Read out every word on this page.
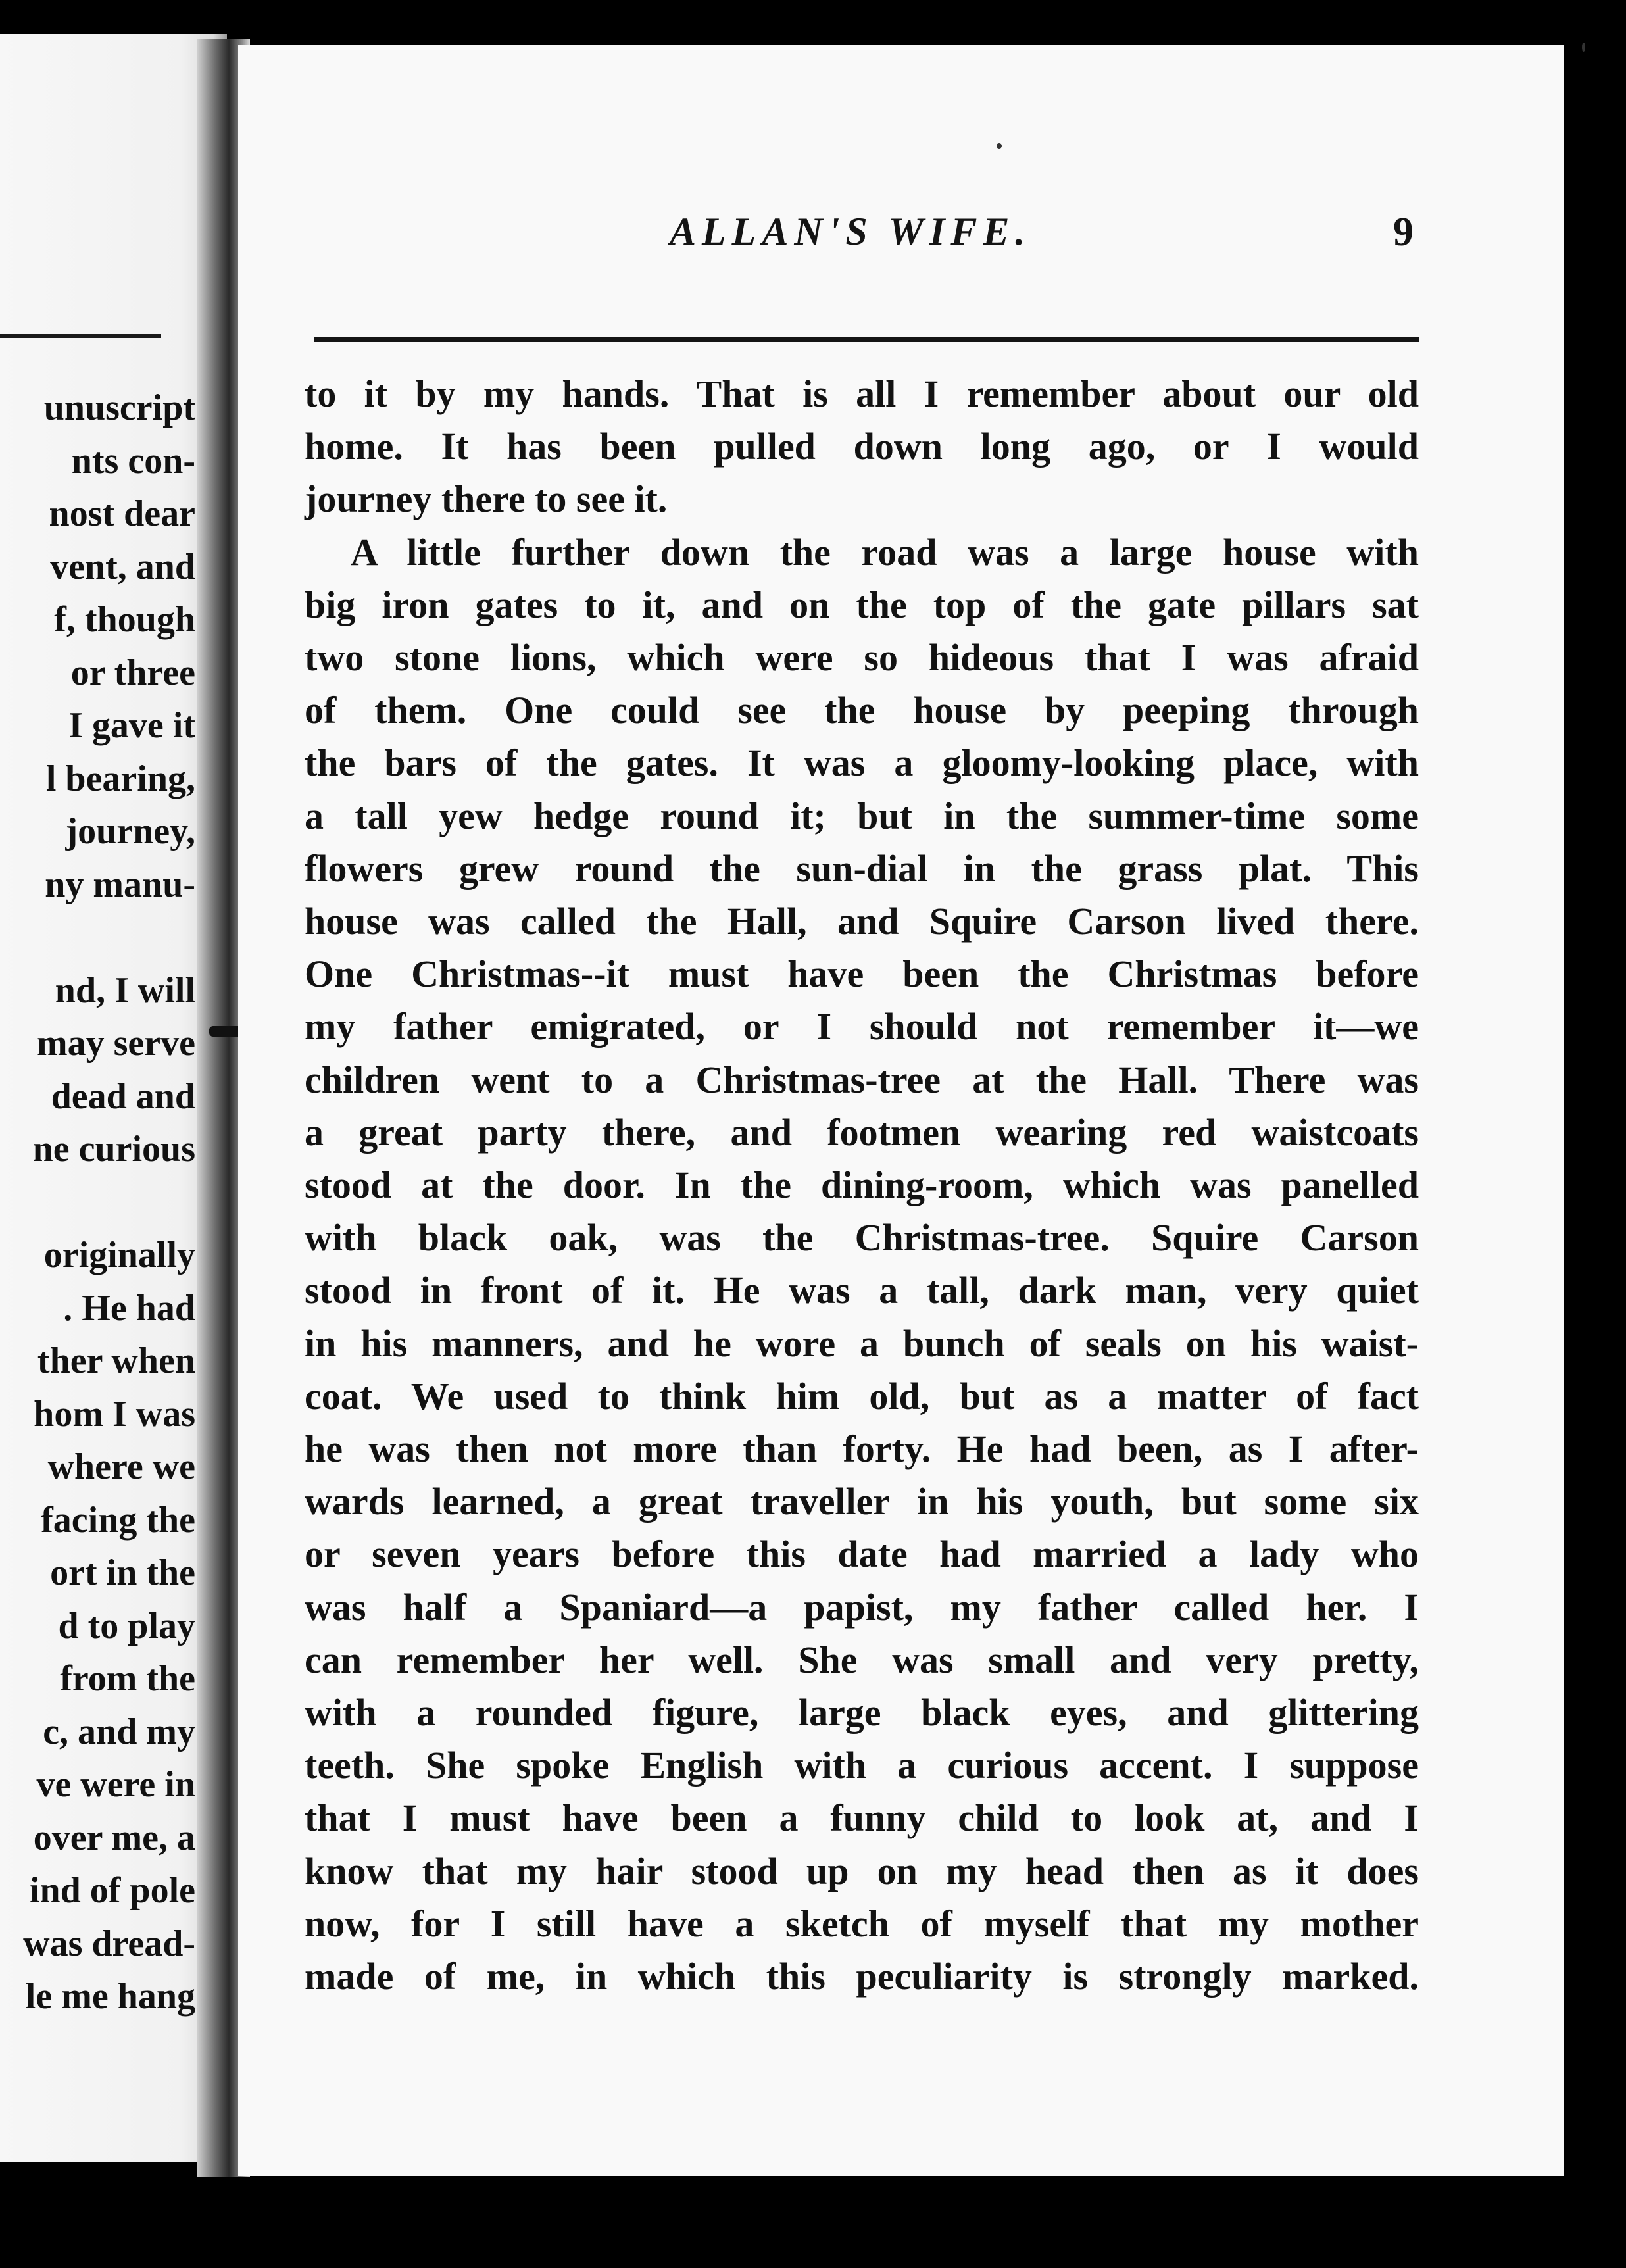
unuscript
nts con-
nost dear
vent, and
f, though
or three
I gave it
l bearing,
journey,
ny manu-
nd, I will
may serve
dead and
ne curious
originally
. He had
ther when
hom I was
where we
facing the
ort in the
d to play
from the
c, and my
ve were in
over me, a
ind of pole
was dread-
le me hang
ALLAN'S WIFE.	9
to it by my hands. That is all I remember about our old
home. It has been pulled down long ago, or I would
journey there to see it.
A little further down the road was a large house with
big iron gates to it, and on the top of the gate pillars sat
two stone lions, which were so hideous that I was afraid
of them. One could see the house by peeping through
the bars of the gates. It was a gloomy-looking place, with
a tall yew hedge round it; but in the summer-time some
flowers grew round the sun-dial in the grass plat. This
house was called the Hall, and Squire Carson lived there.
One Christmas--it must have been the Christmas before
my father emigrated, or I should not remember it—we
children went to a Christmas-tree at the Hall. There was
a great party there, and footmen wearing red waistcoats
stood at the door. In the dining-room, which was panelled
with black oak, was the Christmas-tree. Squire Carson
stood in front of it. He was a tall, dark man, very quiet
in his manners, and he wore a bunch of seals on his waist-
coat. We used to think him old, but as a matter of fact
he was then not more than forty. He had been, as I after-
wards learned, a great traveller in his youth, but some six
or seven years before this date had married a lady who
was half a Spaniard—a papist, my father called her. I
can remember her well. She was small and very pretty,
with a rounded figure, large black eyes, and glittering
teeth. She spoke English with a curious accent. I suppose
that I must have been a funny child to look at, and I
know that my hair stood up on my head then as it does
now, for I still have a sketch of myself that my mother
made of me, in which this peculiarity is strongly marked.
